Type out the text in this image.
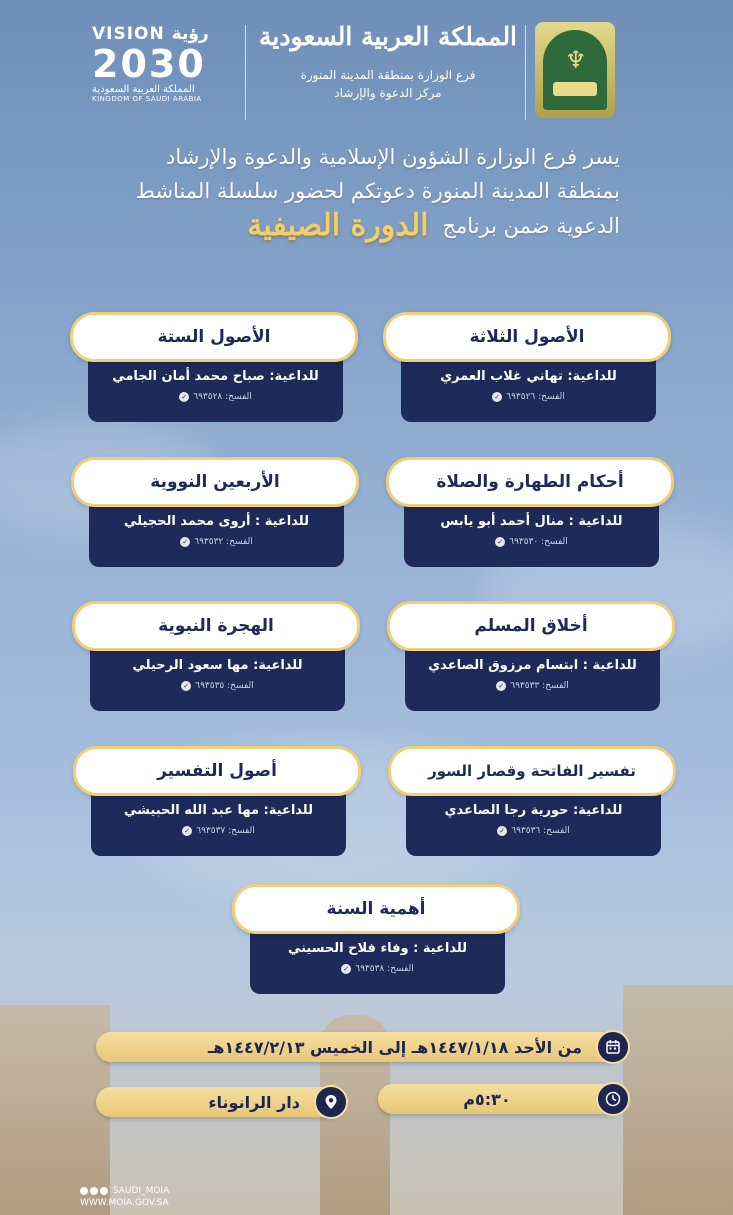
VISION رؤية
2030
المملكة العربية السعودية
KINGDOM OF SAUDI ARABIA
المملكة العربية السعودية
فرع الوزارة بمنطقة المدينة المنورة
مركز الدعوة والإرشاد
♆
يسر فرع الوزارة الشؤون الإسلامية والدعوة والإرشاد
بمنطقة المدينة المنورة دعوتكم لحضور سلسلة المناشط
الدعوية ضمن برنامج
الدورة الصيفية
الأصول الثلاثة
للداعية: تهاني غلاب العمري
الفسح: ٦٩٣٥٢٦
✓
الأصول الستة
للداعية: صباح محمد أمان الجامي
الفسح: ٦٩٣٥٢٨
✓
أحكام الطهارة والصلاة
للداعية : منال أحمد أبو يابس
الفسح: ٦٩٣٥٣٠
✓
الأربعين النووية
للداعية : أروى محمد الحجيلي
الفسح: ٦٩٣٥٣٢
✓
أخلاق المسلم
للداعية : ابتسام مرزوق الصاعدي
الفسح: ٦٩٣٥٣٣
✓
الهجرة النبوية
للداعية: مها سعود الرحيلي
الفسح: ٦٩٣٥٣٥
✓
تفسير الفاتحة وقصار السور
للداعية: حورية رجا الصاعدي
الفسح: ٦٩٣٥٣٦
✓
أصول التفسير
للداعية: مها عبد الله الحبيشي
الفسح: ٦٩٣٥٣٧
✓
أهمية السنة
للداعية : وفاء فلاح الحسيني
الفسح: ٦٩٣٥٣٨
✓
من الأحد ١٤٤٧/١/١٨هـ إلى الخميس ١٤٤٧/٢/١٣هـ
٥:٣٠م
دار الرانوناء
SAUDI_MOIA
WWW.MOIA.GOV.SA
